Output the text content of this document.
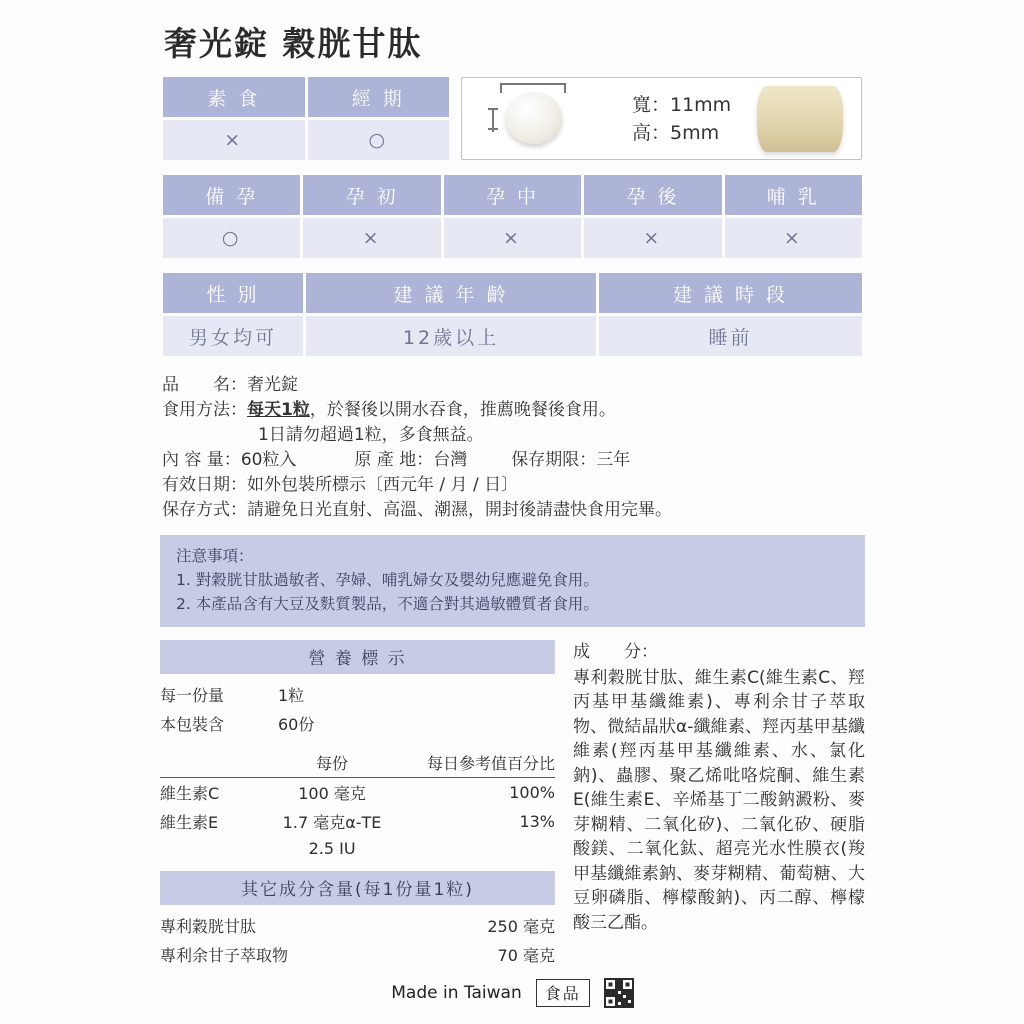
奢光錠 穀胱甘肽
素 食	經 期
×	○
寬：11mm
高：5mm
備 孕	孕 初	孕 中	孕 後	哺 乳
○	×	×	×	×
性 別	建 議 年 齡	建 議 時 段
男女均可	12歲以上	睡前
品　　名：奢光錠
食用方法：每天1粒，於餐後以開水吞食，推薦晚餐後食用。
1日請勿超過1粒，多食無益。
內 容 量：60粒入	原 產 地：台灣	保存期限：三年
有效日期：如外包裝所標示〔西元年 / 月 / 日〕
保存方式：請避免日光直射、高溫、潮濕，開封後請盡快食用完畢。
注意事項：
1. 對穀胱甘肽過敏者、孕婦、哺乳婦女及嬰幼兒應避免食用。
2. 本產品含有大豆及麩質製品，不適合對其過敏體質者食用。
營 養 標 示
每一份量	1粒
本包裝含	60份
	每份	每日參考值百分比
維生素C	100 毫克	100%
維生素E	1.7 毫克α-TE	13%
	2.5 IU	
其它成分含量(每1份量1粒)
專利穀胱甘肽	250 毫克
專利余甘子萃取物	70 毫克
成　　分：
專利穀胱甘肽、維生素C(維生素C、羥丙基甲基纖維素)、專利余甘子萃取物、微結晶狀α-纖維素、羥丙基甲基纖維素(羥丙基甲基纖維素、水、氯化鈉)、蟲膠、聚乙烯吡咯烷酮、維生素E(維生素E、辛烯基丁二酸鈉澱粉、麥芽糊精、二氧化矽)、二氧化矽、硬脂酸鎂、二氧化鈦、超亮光水性膜衣(羧甲基纖維素鈉、麥芽糊精、葡萄糖、大豆卵磷脂、檸檬酸鈉)、丙二醇、檸檬酸三乙酯。
Made in Taiwan	食品
